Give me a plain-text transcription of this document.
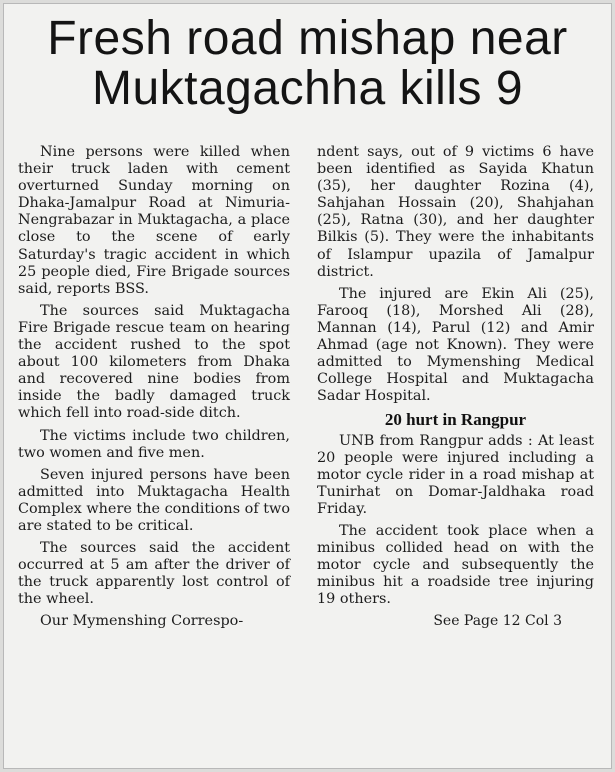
Fresh road mishap near
Muktagachha kills 9

Nine persons were killed when their truck laden with cement overturned Sunday morning on Dhaka-Jamalpur Road at Nimuria-Nengrabazar in Muktagacha, a place close to the scene of early Saturday's tragic accident in which 25 people died, Fire Brigade sources said, reports BSS.

The sources said Muktagacha Fire Brigade rescue team on hearing the accident rushed to the spot about 100 kilometers from Dhaka and recovered nine bodies from inside the badly damaged truck which fell into road-side ditch.

The victims include two children, two women and five men.

Seven injured persons have been admitted into Muktagacha Health Complex where the conditions of two are stated to be critical.

The sources said the accident occurred at 5 am after the driver of the truck apparently lost control of the wheel.

Our Mymenshing Correspo-

ndent says, out of 9 victims 6 have been identified as Sayida Khatun (35), her daughter Rozina (4), Sahjahan Hossain (20), Shahjahan (25), Ratna (30), and her daughter Bilkis (5). They were the inhabitants of Islampur upazila of Jamalpur district.

The injured are Ekin Ali (25), Farooq (18), Morshed Ali (28), Mannan (14), Parul (12) and Amir Ahmad (age not Known). They were admitted to Mymenshing Medical College Hospital and Muktagacha Sadar Hospital.

20 hurt in Rangpur

UNB from Rangpur adds : At least 20 people were injured including a motor cycle rider in a road mishap at Tunirhat on Domar-Jaldhaka road Friday.

The accident took place when a minibus collided head on with the motor cycle and subsequently the minibus hit a roadside tree injuring 19 others.

See Page 12 Col 3
